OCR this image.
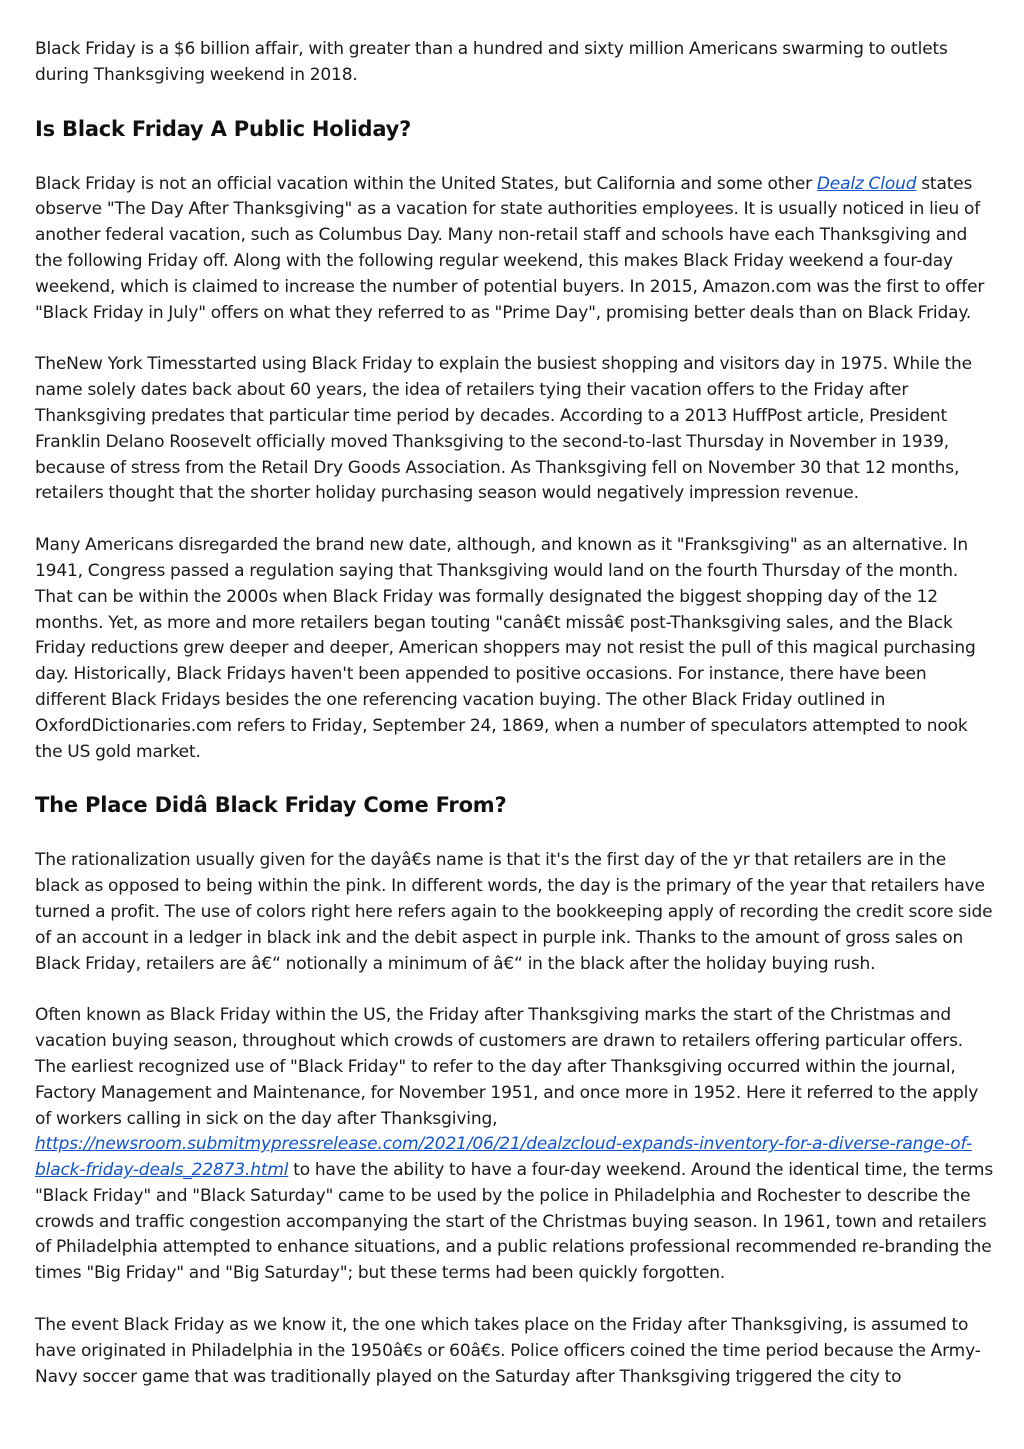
Black Friday is a $6 billion affair, with greater than a hundred and sixty million Americans swarming to outlets during Thanksgiving weekend in 2018.

Is Black Friday A Public Holiday?

Black Friday is not an official vacation within the United States, but California and some other Dealz Cloud states observe "The Day After Thanksgiving" as a vacation for state authorities employees. It is usually noticed in lieu of another federal vacation, such as Columbus Day. Many non-retail staff and schools have each Thanksgiving and the following Friday off. Along with the following regular weekend, this makes Black Friday weekend a four-day weekend, which is claimed to increase the number of potential buyers. In 2015, Amazon.com was the first to offer "Black Friday in July" offers on what they referred to as "Prime Day", promising better deals than on Black Friday.

TheNew York Timesstarted using Black Friday to explain the busiest shopping and visitors day in 1975. While the name solely dates back about 60 years, the idea of retailers tying their vacation offers to the Friday after Thanksgiving predates that particular time period by decades. According to a 2013 HuffPost article, President Franklin Delano Roosevelt officially moved Thanksgiving to the second-to-last Thursday in November in 1939, because of stress from the Retail Dry Goods Association. As Thanksgiving fell on November 30 that 12 months, retailers thought that the shorter holiday purchasing season would negatively impression revenue.

Many Americans disregarded the brand new date, although, and known as it "Franksgiving" as an alternative. In 1941, Congress passed a regulation saying that Thanksgiving would land on the fourth Thursday of the month. That can be within the 2000s when Black Friday was formally designated the biggest shopping day of the 12 months. Yet, as more and more retailers began touting "canâ€t missâ€ post-Thanksgiving sales, and the Black Friday reductions grew deeper and deeper, American shoppers may not resist the pull of this magical purchasing day. Historically, Black Fridays haven't been appended to positive occasions. For instance, there have been different Black Fridays besides the one referencing vacation buying. The other Black Friday outlined in OxfordDictionaries.com refers to Friday, September 24, 1869, when a number of speculators attempted to nook the US gold market.

The Place Didâ Black Friday Come From?

The rationalization usually given for the dayâ€s name is that it's the first day of the yr that retailers are in the black as opposed to being within the pink. In different words, the day is the primary of the year that retailers have turned a profit. The use of colors right here refers again to the bookkeeping apply of recording the credit score side of an account in a ledger in black ink and the debit aspect in purple ink. Thanks to the amount of gross sales on Black Friday, retailers are â€“ notionally a minimum of â€“ in the black after the holiday buying rush.

Often known as Black Friday within the US, the Friday after Thanksgiving marks the start of the Christmas and vacation buying season, throughout which crowds of customers are drawn to retailers offering particular offers. The earliest recognized use of "Black Friday" to refer to the day after Thanksgiving occurred within the journal, Factory Management and Maintenance, for November 1951, and once more in 1952. Here it referred to the apply of workers calling in sick on the day after Thanksgiving, https://newsroom.submitmypressrelease.com/2021/06/21/dealzcloud-expands-inventory-for-a-diverse-range-of-black-friday-deals_22873.html to have the ability to have a four-day weekend. Around the identical time, the terms "Black Friday" and "Black Saturday" came to be used by the police in Philadelphia and Rochester to describe the crowds and traffic congestion accompanying the start of the Christmas buying season. In 1961, town and retailers of Philadelphia attempted to enhance situations, and a public relations professional recommended re-branding the times "Big Friday" and "Big Saturday"; but these terms had been quickly forgotten.

The event Black Friday as we know it, the one which takes place on the Friday after Thanksgiving, is assumed to have originated in Philadelphia in the 1950â€s or 60â€s. Police officers coined the time period because the Army-Navy soccer game that was traditionally played on the Saturday after Thanksgiving triggered the city to
